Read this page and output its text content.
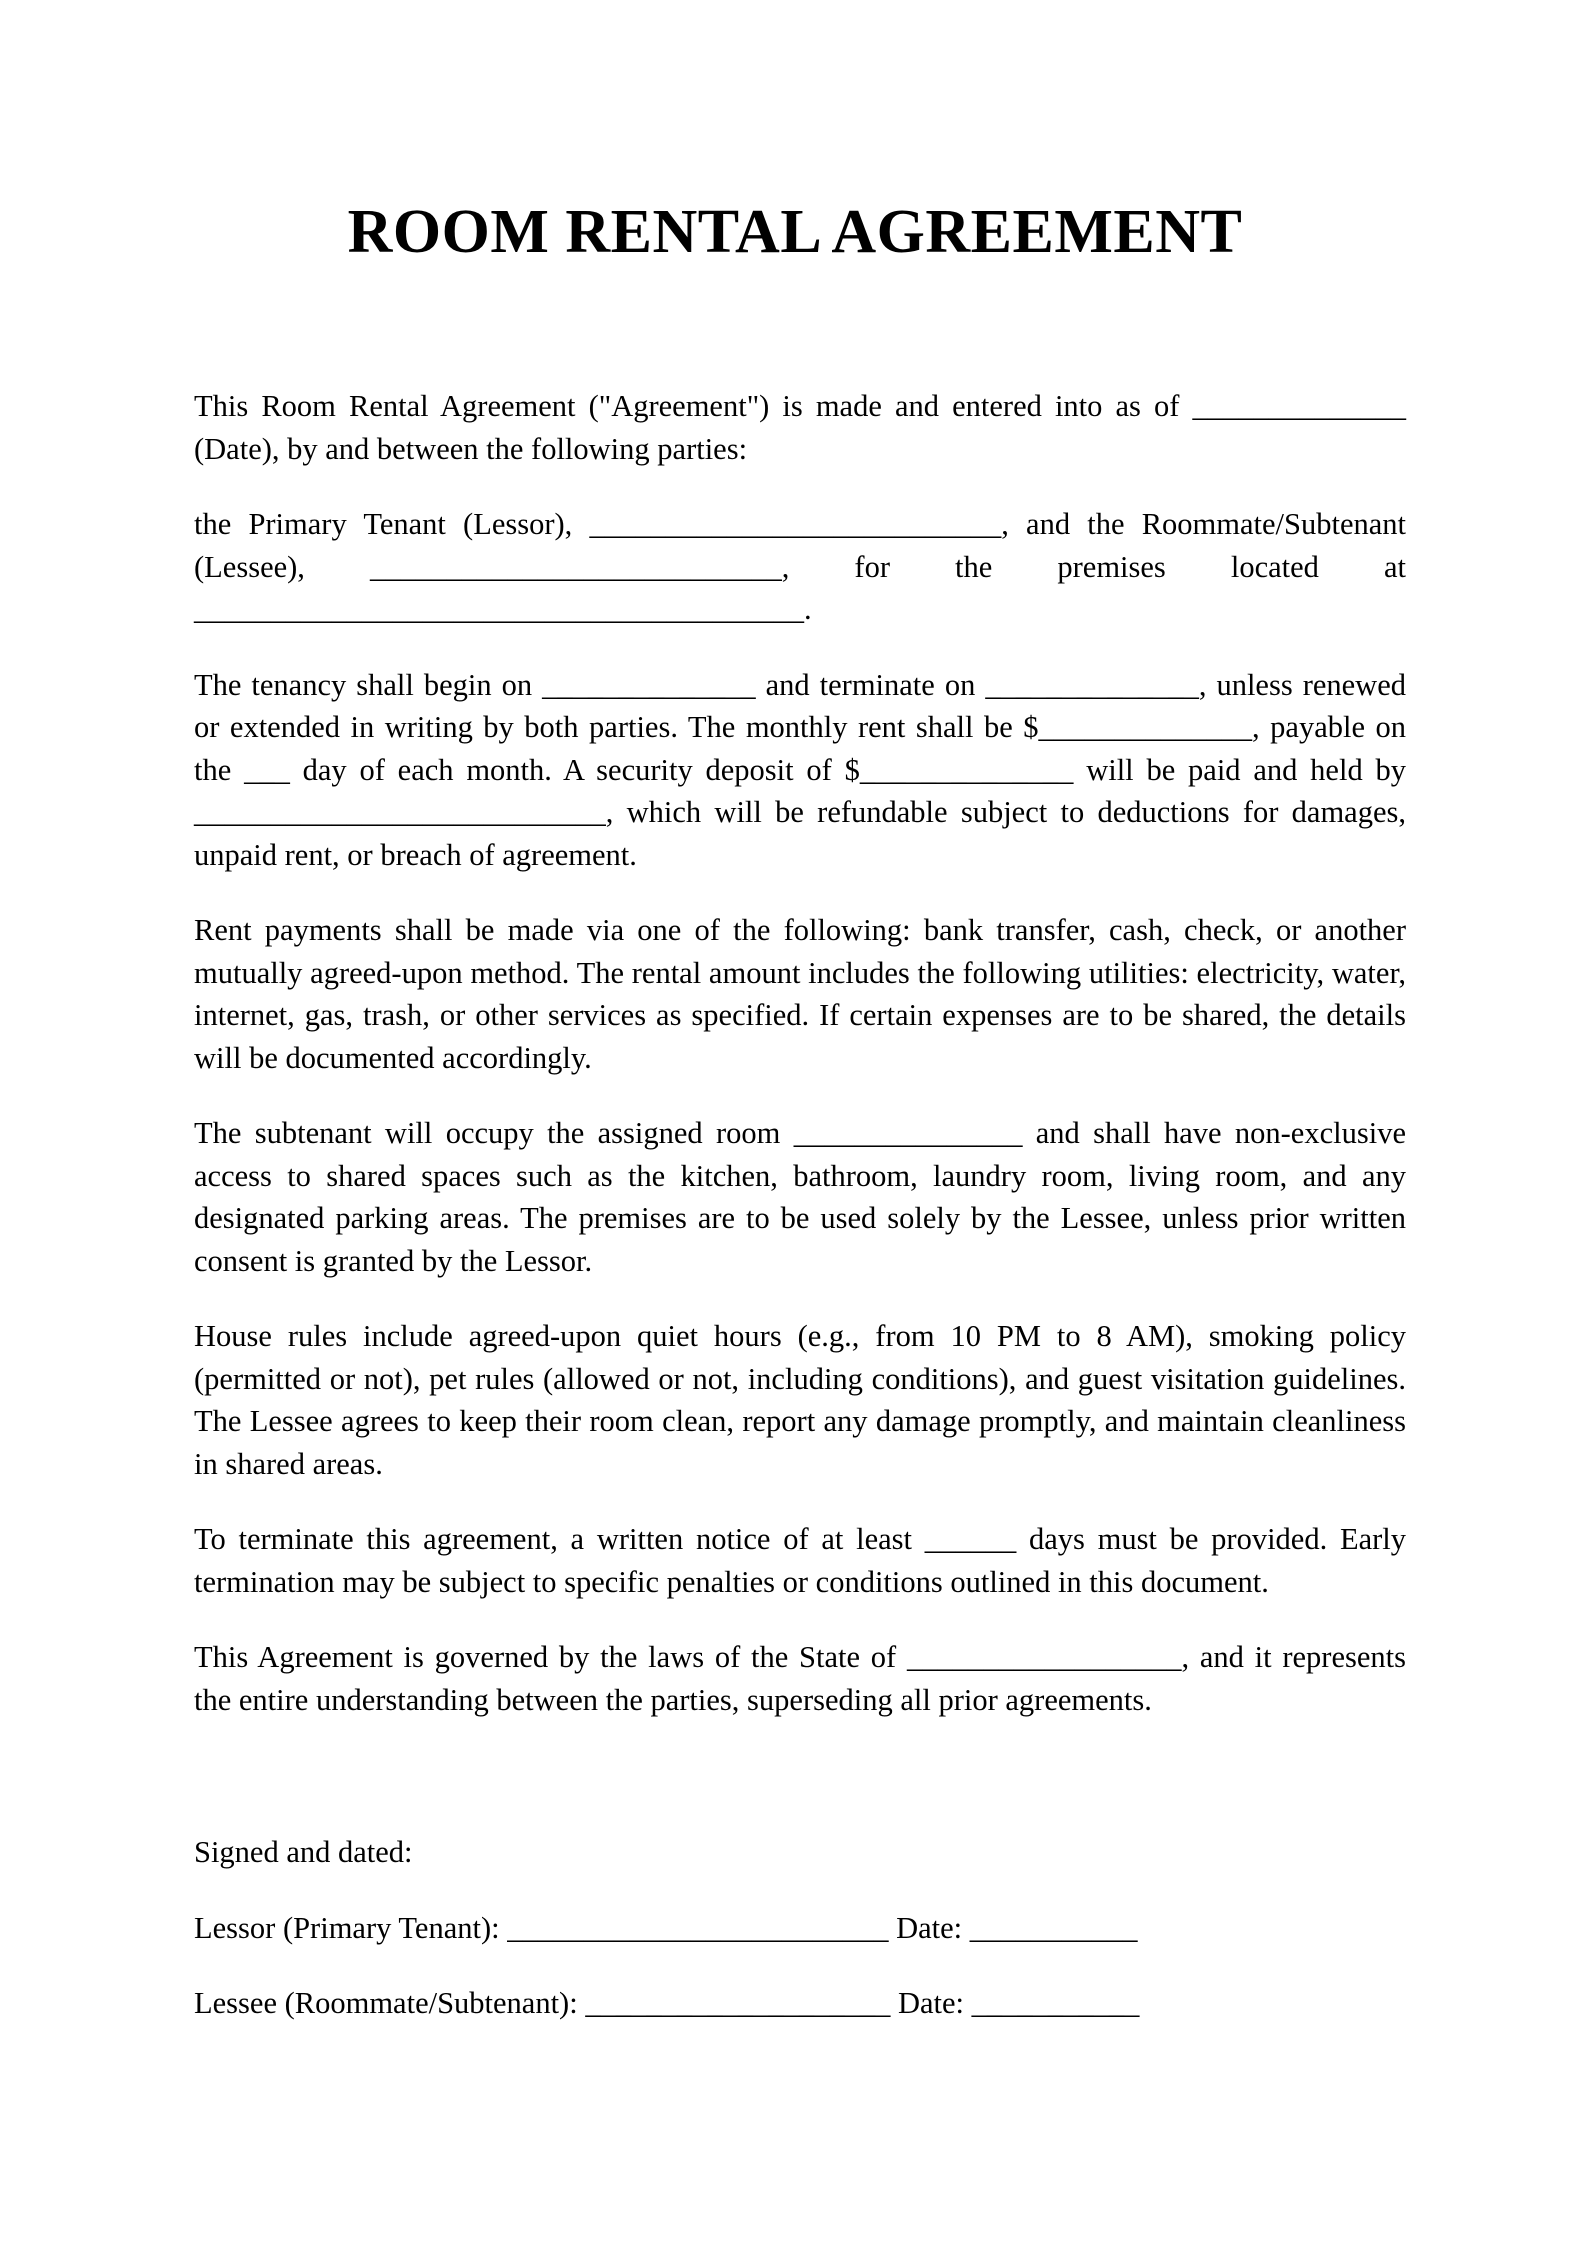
ROOM RENTAL AGREEMENT

This Room Rental Agreement ("Agreement") is made and entered into as of ______________ (Date), by and between the following parties:

the Primary Tenant (Lessor), ___________________________, and the Roommate/Subtenant (Lessee), ___________________________, for the premises located at ________________________________________.

The tenancy shall begin on ______________ and terminate on ______________, unless renewed or extended in writing by both parties. The monthly rent shall be $______________, payable on the ___ day of each month. A security deposit of $______________ will be paid and held by ___________________________, which will be refundable subject to deductions for damages, unpaid rent, or breach of agreement.

Rent payments shall be made via one of the following: bank transfer, cash, check, or another mutually agreed-upon method. The rental amount includes the following utilities: electricity, water, internet, gas, trash, or other services as specified. If certain expenses are to be shared, the details will be documented accordingly.

The subtenant will occupy the assigned room _______________ and shall have non-exclusive access to shared spaces such as the kitchen, bathroom, laundry room, living room, and any designated parking areas. The premises are to be used solely by the Lessee, unless prior written consent is granted by the Lessor.

House rules include agreed-upon quiet hours (e.g., from 10 PM to 8 AM), smoking policy (permitted or not), pet rules (allowed or not, including conditions), and guest visitation guidelines. The Lessee agrees to keep their room clean, report any damage promptly, and maintain cleanliness in shared areas.

To terminate this agreement, a written notice of at least ______ days must be provided. Early termination may be subject to specific penalties or conditions outlined in this document.

This Agreement is governed by the laws of the State of __________________, and it represents the entire understanding between the parties, superseding all prior agreements.

Signed and dated:

Lessor (Primary Tenant): _________________________ Date: ___________

Lessee (Roommate/Subtenant): ____________________ Date: ___________
